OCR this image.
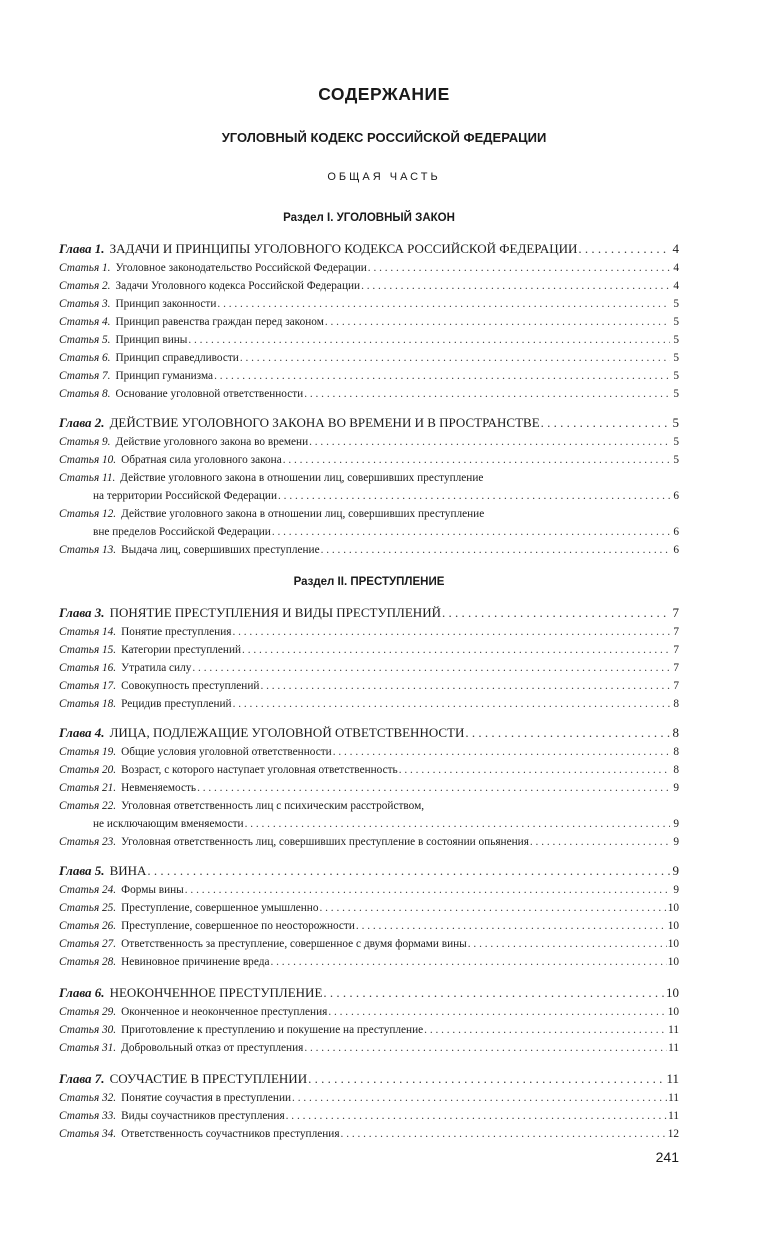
СОДЕРЖАНИЕ
УГОЛОВНЫЙ КОДЕКС РОССИЙСКОЙ ФЕДЕРАЦИИ
ОБЩАЯ ЧАСТЬ
Раздел I. УГОЛОВНЫЙ ЗАКОН
Глава 1. ЗАДАЧИ И ПРИНЦИПЫ УГОЛОВНОГО КОДЕКСА РОССИЙСКОЙ ФЕДЕРАЦИИ . . .	4
Статья 1. Уголовное законодательство Российской Федерации . . .	4
Статья 2. Задачи Уголовного кодекса Российской Федерации . . .	4
Статья 3. Принцип законности . . .	5
Статья 4. Принцип равенства граждан перед законом . . .	5
Статья 5. Принцип вины . . .	5
Статья 6. Принцип справедливости . . .	5
Статья 7. Принцип гуманизма . . .	5
Статья 8. Основание уголовной ответственности . . .	5
Глава 2. ДЕЙСТВИЕ УГОЛОВНОГО ЗАКОНА ВО ВРЕМЕНИ И В ПРОСТРАНСТВЕ . . .	5
Статья 9. Действие уголовного закона во времени . . .	5
Статья 10. Обратная сила уголовного закона . . .	5
Статья 11. Действие уголовного закона в отношении лиц, совершивших преступление
на территории Российской Федерации . . .	6
Статья 12. Действие уголовного закона в отношении лиц, совершивших преступление
вне пределов Российской Федерации . . .	6
Статья 13. Выдача лиц, совершивших преступление . . .	6
Раздел II. ПРЕСТУПЛЕНИЕ
Глава 3. ПОНЯТИЕ ПРЕСТУПЛЕНИЯ И ВИДЫ ПРЕСТУПЛЕНИЙ . . .	7
Статья 14. Понятие преступления . . .	7
Статья 15. Категории преступлений . . .	7
Статья 16. Утратила силу . . .	7
Статья 17. Совокупность преступлений . . .	7
Статья 18. Рецидив преступлений . . .	8
Глава 4. ЛИЦА, ПОДЛЕЖАЩИЕ УГОЛОВНОЙ ОТВЕТСТВЕННОСТИ . . .	8
Статья 19. Общие условия уголовной ответственности . . .	8
Статья 20. Возраст, с которого наступает уголовная ответственность . . .	8
Статья 21. Невменяемость . . .	9
Статья 22. Уголовная ответственность лиц с психическим расстройством,
не исключающим вменяемости . . .	9
Статья 23. Уголовная ответственность лиц, совершивших преступление в состоянии опьянения . . .	9
Глава 5. ВИНА . . .	9
Статья 24. Формы вины . . .	9
Статья 25. Преступление, совершенное умышленно . . .	10
Статья 26. Преступление, совершенное по неосторожности . . .	10
Статья 27. Ответственность за преступление, совершенное с двумя формами вины . . .	10
Статья 28. Невиновное причинение вреда . . .	10
Глава 6. НЕОКОНЧЕННОЕ ПРЕСТУПЛЕНИЕ . . .	10
Статья 29. Оконченное и неоконченное преступления . . .	10
Статья 30. Приготовление к преступлению и покушение на преступление . . .	11
Статья 31. Добровольный отказ от преступления . . .	11
Глава 7. СОУЧАСТИЕ В ПРЕСТУПЛЕНИИ . . .	11
Статья 32. Понятие соучастия в преступлении . . .	11
Статья 33. Виды соучастников преступления . . .	11
Статья 34. Ответственность соучастников преступления . . .	12
241
